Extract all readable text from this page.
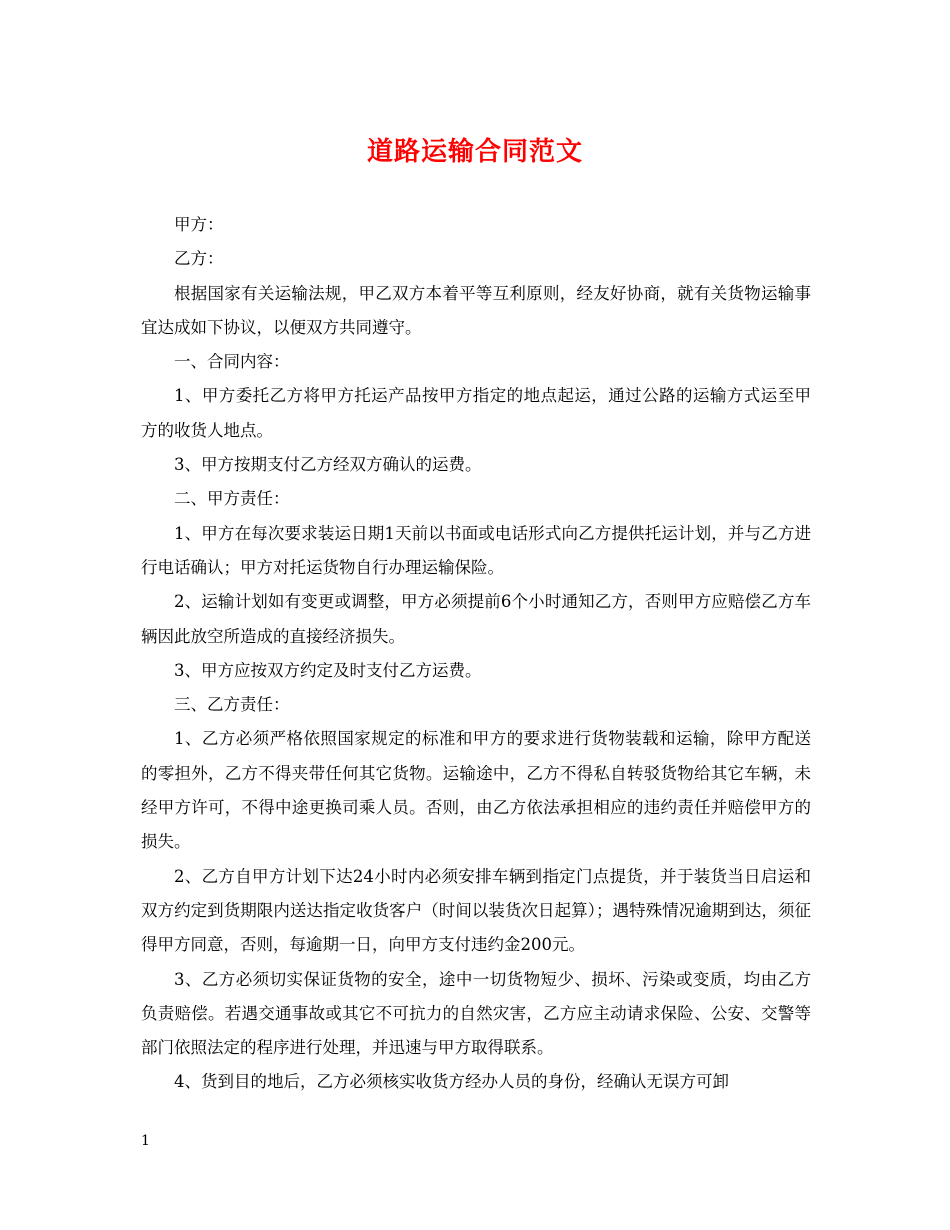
道路运输合同范文

甲方：

乙方：

根据国家有关运输法规，甲乙双方本着平等互利原则，经友好协商，就有关货物运输事宜达成如下协议，以便双方共同遵守。

一、合同内容：

1、甲方委托乙方将甲方托运产品按甲方指定的地点起运，通过公路的运输方式运至甲方的收货人地点。

3、甲方按期支付乙方经双方确认的运费。

二、甲方责任：

1、甲方在每次要求装运日期1天前以书面或电话形式向乙方提供托运计划，并与乙方进行电话确认；甲方对托运货物自行办理运输保险。

2、运输计划如有变更或调整，甲方必须提前6个小时通知乙方，否则甲方应赔偿乙方车辆因此放空所造成的直接经济损失。

3、甲方应按双方约定及时支付乙方运费。

三、乙方责任：

1、乙方必须严格依照国家规定的标准和甲方的要求进行货物装载和运输，除甲方配送的零担外，乙方不得夹带任何其它货物。运输途中，乙方不得私自转驳货物给其它车辆，未经甲方许可，不得中途更换司乘人员。否则，由乙方依法承担相应的违约责任并赔偿甲方的损失。

2、乙方自甲方计划下达24小时内必须安排车辆到指定门点提货，并于装货当日启运和双方约定到货期限内送达指定收货客户（时间以装货次日起算）；遇特殊情况逾期到达，须征得甲方同意，否则，每逾期一日，向甲方支付违约金200元。

3、乙方必须切实保证货物的安全，途中一切货物短少、损坏、污染或变质，均由乙方负责赔偿。若遇交通事故或其它不可抗力的自然灾害，乙方应主动请求保险、公安、交警等部门依照法定的程序进行处理，并迅速与甲方取得联系。

4、货到目的地后，乙方必须核实收货方经办人员的身份，经确认无误方可卸

1
